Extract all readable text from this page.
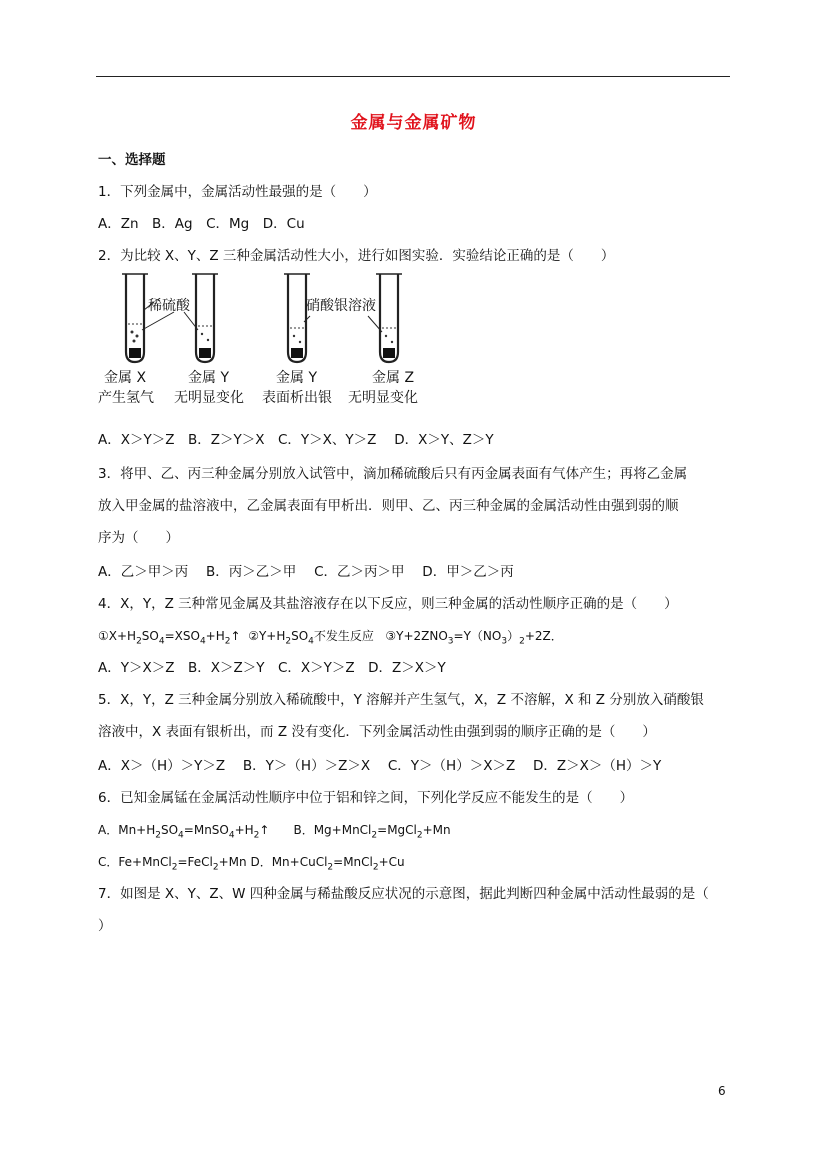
金属与金属矿物
一、选择题
1．下列金属中，金属活动性最强的是（　　）
A．Zn　B．Ag　C．Mg　D．Cu
2．为比较 X、Y、Z 三种金属活动性大小，进行如图实验．实验结论正确的是（　　）
稀硫酸	硝酸银溶液
金属 X
产生氢气
金属 Y
无明显变化
金属 Y
表面析出银
金属 Z
无明显变化
A．X＞Y＞Z　B．Z＞Y＞X　C．Y＞X、Y＞Z　 D．X＞Y、Z＞Y
3．将甲、乙、丙三种金属分别放入试管中，滴加稀硫酸后只有丙金属表面有气体产生；再将乙金属
放入甲金属的盐溶液中，乙金属表面有甲析出．则甲、乙、丙三种金属的金属活动性由强到弱的顺
序为（　　）
A．乙＞甲＞丙　 B．丙＞乙＞甲　 C．乙＞丙＞甲　 D．甲＞乙＞丙
4．X，Y，Z 三种常见金属及其盐溶液存在以下反应，则三种金属的活动性顺序正确的是（　　）
$①X+H_2SO_4=XSO_4+H_2↑$ $②Y+H_2SO_4$不发生反应 $③Y+2ZNO_3=Y(NO_3)_2+2Z$．
A．Y＞X＞Z　B．X＞Z＞Y　C．X＞Y＞Z　D．Z＞X＞Y
5．X，Y，Z 三种金属分别放入稀硫酸中，Y 溶解并产生氢气，X，Z 不溶解，X 和 Z 分别放入硝酸银
溶液中，X 表面有银析出，而 Z 没有变化．下列金属活动性由强到弱的顺序正确的是（　　）
A．X＞（H）＞Y＞Z　 B．Y＞（H）＞Z＞X　 C．Y＞（H）＞X＞Z　 D．Z＞X＞（H）＞Y
6．已知金属锰在金属活动性顺序中位于铝和锌之间，下列化学反应不能发生的是（　　）
A．$Mn+H_2SO_4=MnSO_4+H_2↑$　　B．Mg+MnCl$_2$=MgCl$_2$+Mn
C．Fe+MnCl$_2$=FeCl$_2$+Mn D．Mn+CuCl$_2$=MnCl$_2$+Cu
7．如图是 X、Y、Z、W 四种金属与稀盐酸反应状况的示意图，据此判断四种金属中活动性最弱的是（
）
6
